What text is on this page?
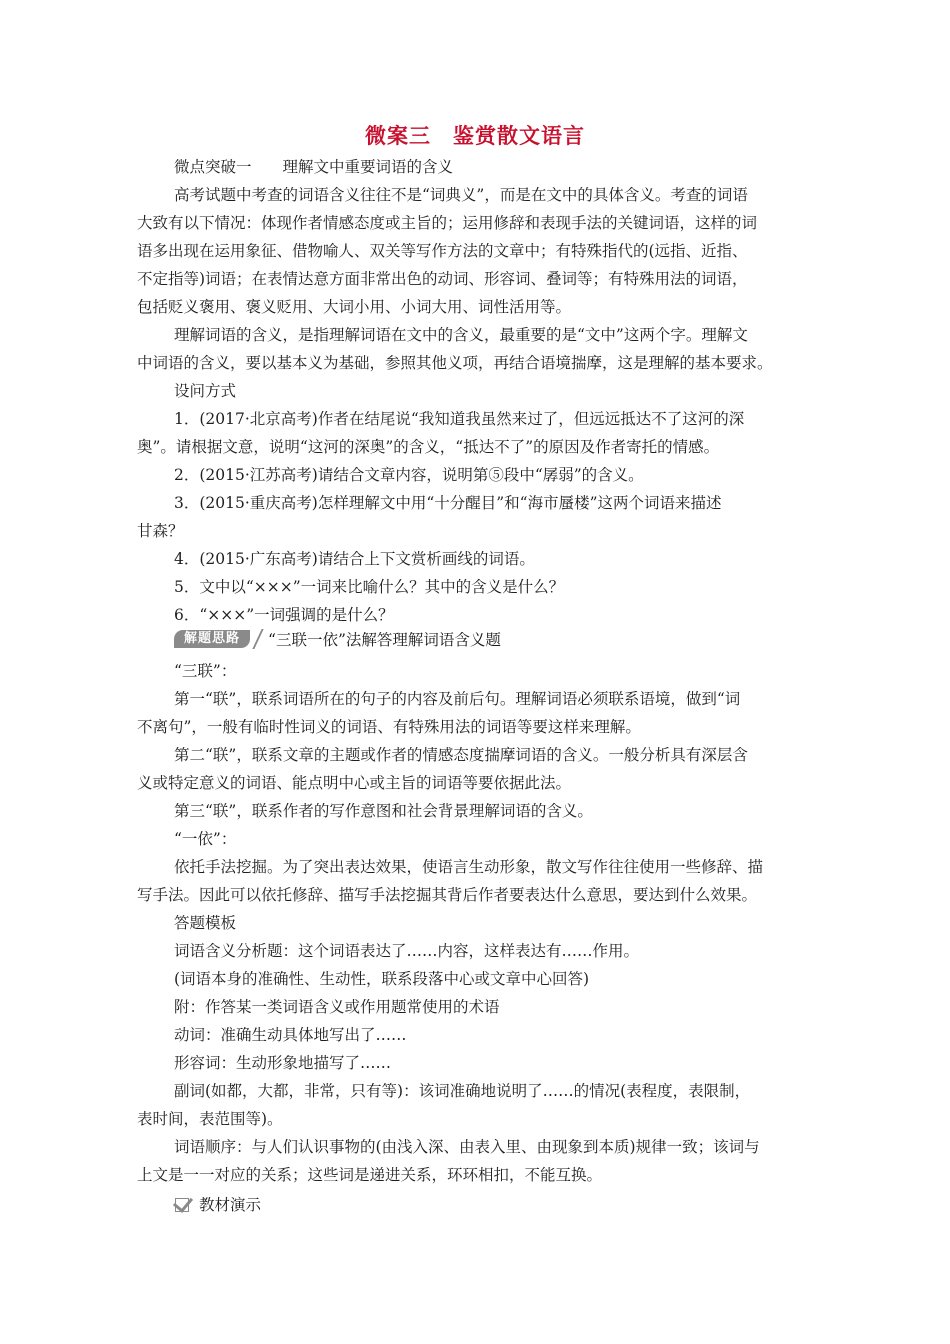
微案三　鉴赏散文语言
微点突破一　　 理解文中重要词语的含义
高考试题中考查的词语含义往往不是“词典义”，而是在文中的具体含义。考查的词语
大致有以下情况：体现作者情感态度或主旨的；运用修辞和表现手法的关键词语，这样的词
语多出现在运用象征、借物喻人、双关等写作方法的文章中；有特殊指代的(远指、近指、
不定指等)词语；在表情达意方面非常出色的动词、形容词、叠词等；有特殊用法的词语，
包括贬义褒用、褒义贬用、大词小用、小词大用、词性活用等。
理解词语的含义，是指理解词语在文中的含义，最重要的是“文中”这两个字。理解文
中词语的含义，要以基本义为基础，参照其他义项，再结合语境揣摩，这是理解的基本要求。
设问方式
1．(2017·北京高考)作者在结尾说“我知道我虽然来过了，但远远抵达不了这河的深
奥”。请根据文意，说明“这河的深奥”的含义，“抵达不了”的原因及作者寄托的情感。
2．(2015·江苏高考)请结合文章内容，说明第⑤段中“孱弱”的含义。
3．(2015·重庆高考)怎样理解文中用“十分醒目”和“海市蜃楼”这两个词语来描述
甘森？
4．(2015·广东高考)请结合上下文赏析画线的词语。
5．文中以“×××”一词来比喻什么？其中的含义是什么？
6．“×××”一词强调的是什么？
解题思路	“三联一依”法解答理解词语含义题
“三联”：
第一“联”，联系词语所在的句子的内容及前后句。理解词语必须联系语境，做到“词
不离句”，一般有临时性词义的词语、有特殊用法的词语等要这样来理解。
第二“联”，联系文章的主题或作者的情感态度揣摩词语的含义。一般分析具有深层含
义或特定意义的词语、能点明中心或主旨的词语等要依据此法。
第三“联”，联系作者的写作意图和社会背景理解词语的含义。
“一依”：
依托手法挖掘。为了突出表达效果，使语言生动形象，散文写作往往使用一些修辞、描
写手法。因此可以依托修辞、描写手法挖掘其背后作者要表达什么意思，要达到什么效果。
答题模板
词语含义分析题：这个词语表达了……内容，这样表达有……作用。
(词语本身的准确性、生动性，联系段落中心或文章中心回答)
附：作答某一类词语含义或作用题常使用的术语
动词：准确生动具体地写出了……
形容词：生动形象地描写了……
副词(如都，大都，非常，只有等)：该词准确地说明了……的情况(表程度，表限制，
表时间，表范围等)。
词语顺序：与人们认识事物的(由浅入深、由表入里、由现象到本质)规律一致；该词与
上文是一一对应的关系；这些词是递进关系，环环相扣，不能互换。
教材演示
